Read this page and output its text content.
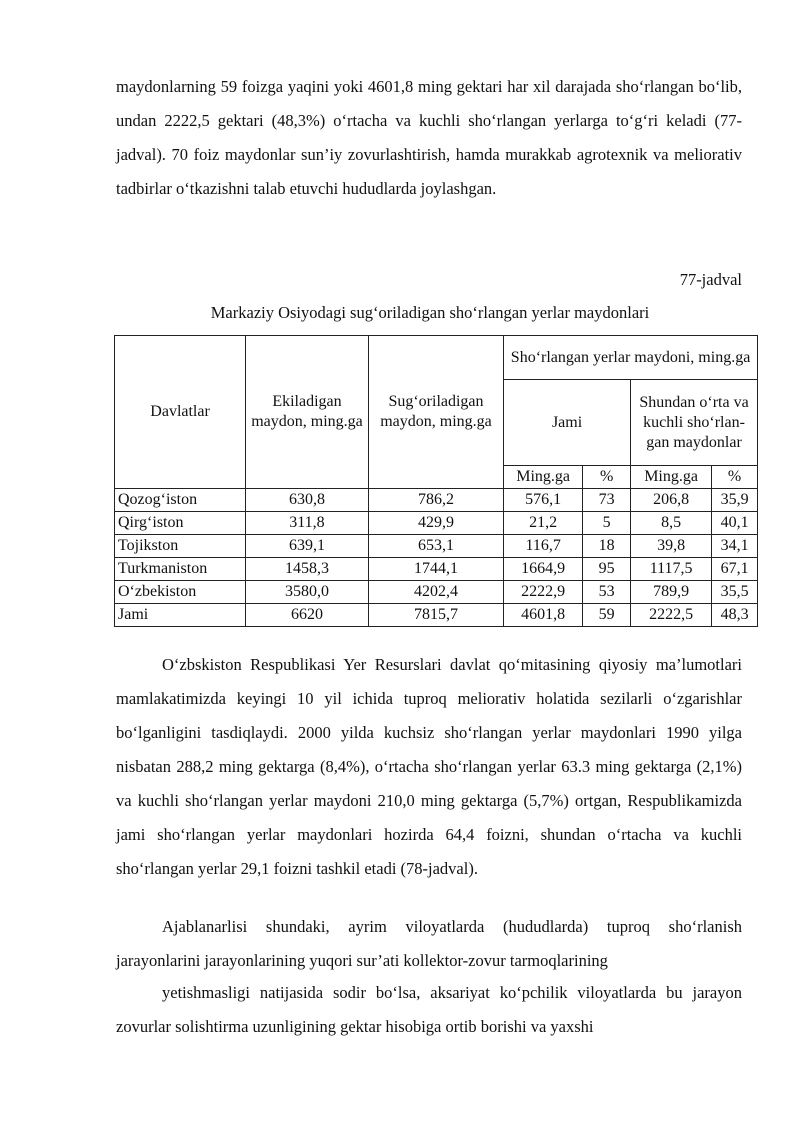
maydonlarning 59 foizga yaqini yoki 4601,8 ming gektari har xil darajada sho‘rlangan bo‘lib, undan 2222,5 gektari (48,3%) o‘rtacha va kuchli sho‘rlangan yerlarga to‘g‘ri keladi (77-jadval). 70 foiz maydonlar sun’iy zovurlashtirish, hamda murakkab agrotexnik va meliorativ tadbirlar o‘tkazishni talab etuvchi hududlarda joylashgan.

77-jadval
Markaziy Osiyodagi sug‘oriladigan sho‘rlangan yerlar maydonlari
Davlatlar	Ekiladigan maydon, ming.ga	Sug‘oriladigan maydon, ming.ga	Sho‘rlangan yerlar maydoni, ming.ga			
			Jami		Shundan o‘rta va kuchli sho‘rlan-gan maydonlar	
			Ming.ga	%	Ming.ga	%
Qozog‘iston	630,8	786,2	576,1	73	206,8	35,9
Qirg‘iston	311,8	429,9	21,2	5	8,5	40,1
Tojikston	639,1	653,1	116,7	18	39,8	34,1
Turkmaniston	1458,3	1744,1	1664,9	95	1117,5	67,1
O‘zbekiston	3580,0	4202,4	2222,9	53	789,9	35,5
Jami	6620	7815,7	4601,8	59	2222,5	48,3

O‘zbskiston Respublikasi Yer Resurslari davlat qo‘mitasining qiyosiy ma’lumotlari mamlakatimizda keyingi 10 yil ichida tuproq meliorativ holatida sezilarli o‘zgarishlar bo‘lganligini tasdiqlaydi. 2000 yilda kuchsiz sho‘rlangan yerlar maydonlari 1990 yilga nisbatan 288,2 ming gektarga (8,4%), o‘rtacha sho‘rlangan yerlar 63.3 ming gektarga (2,1%) va kuchli sho‘rlangan yerlar maydoni 210,0 ming gektarga (5,7%) ortgan, Respublikamizda jami sho‘rlangan yerlar maydonlari hozirda 64,4 foizni, shundan o‘rtacha va kuchli sho‘rlangan yerlar 29,1 foizni tashkil etadi (78-jadval).

Ajablanarlisi shundaki, ayrim viloyatlarda (hududlarda) tuproq sho‘rlanish jarayonlarini jarayonlarining yuqori sur’ati kollektor-zovur tarmoqlarining

yetishmasligi natijasida sodir bo‘lsa, aksariyat ko‘pchilik viloyatlarda bu jarayon zovurlar solishtirma uzunligining gektar hisobiga ortib borishi va yaxshi
